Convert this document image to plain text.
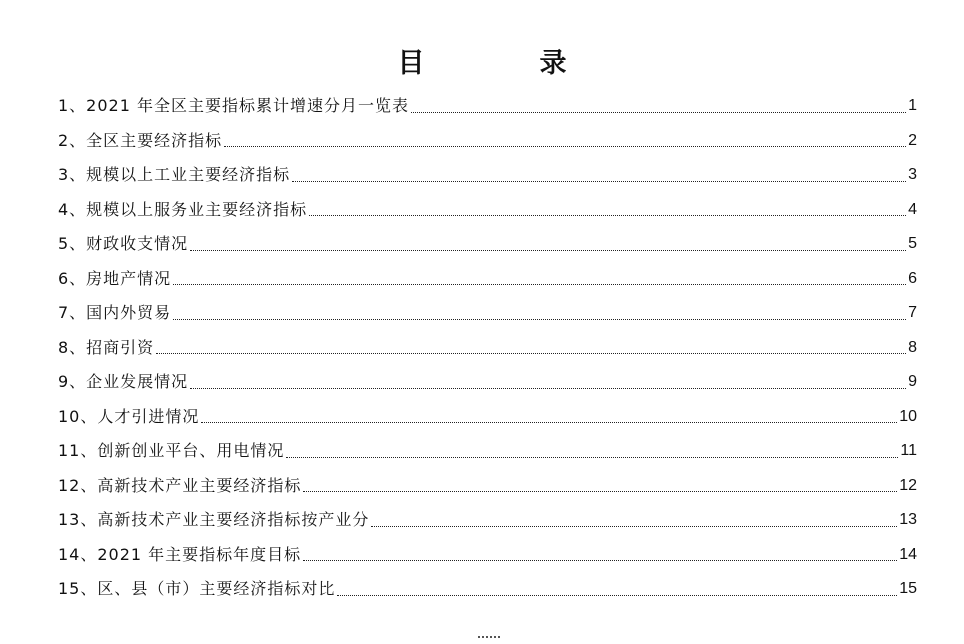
目　录
1、2021 年全区主要指标累计增速分月一览表	1
2、全区主要经济指标	2
3、规模以上工业主要经济指标	3
4、规模以上服务业主要经济指标	4
5、财政收支情况	5
6、房地产情况	6
7、国内外贸易	7
8、招商引资	8
9、企业发展情况	9
10、人才引进情况	10
11、创新创业平台、用电情况	11
12、高新技术产业主要经济指标	12
13、高新技术产业主要经济指标按产业分	13
14、2021 年主要指标年度目标	14
15、区、县（市）主要经济指标对比	15
